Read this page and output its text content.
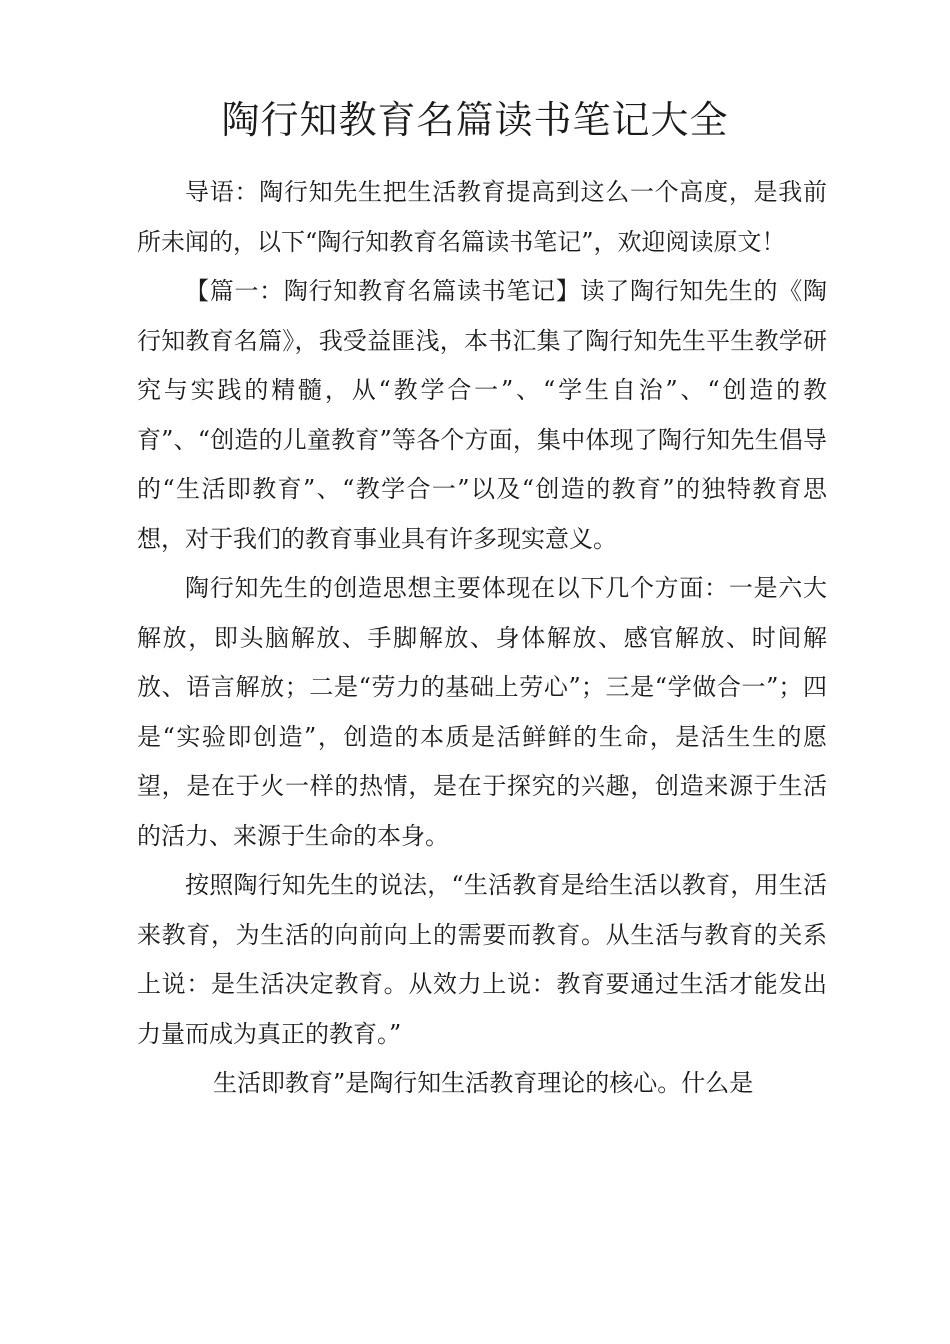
陶行知教育名篇读书笔记大全

导语：陶行知先生把生活教育提高到这么一个高度，是我前所未闻的，以下“陶行知教育名篇读书笔记”，欢迎阅读原文！

【篇一：陶行知教育名篇读书笔记】读了陶行知先生的《陶行知教育名篇》，我受益匪浅，本书汇集了陶行知先生平生教学研究与实践的精髓，从“教学合一”、“学生自治”、“创造的教育”、“创造的儿童教育”等各个方面，集中体现了陶行知先生倡导的“生活即教育”、“教学合一”以及“创造的教育”的独特教育思想，对于我们的教育事业具有许多现实意义。

陶行知先生的创造思想主要体现在以下几个方面：一是六大解放，即头脑解放、手脚解放、身体解放、感官解放、时间解放、语言解放；二是“劳力的基础上劳心”；三是“学做合一”；四是“实验即创造”，创造的本质是活鲜鲜的生命，是活生生的愿望，是在于火一样的热情，是在于探究的兴趣，创造来源于生活的活力、来源于生命的本身。

按照陶行知先生的说法，“生活教育是给生活以教育，用生活来教育，为生活的向前向上的需要而教育。从生活与教育的关系上说：是生活决定教育。从效力上说：教育要通过生活才能发出力量而成为真正的教育。”

生活即教育”是陶行知生活教育理论的核心。什么是
